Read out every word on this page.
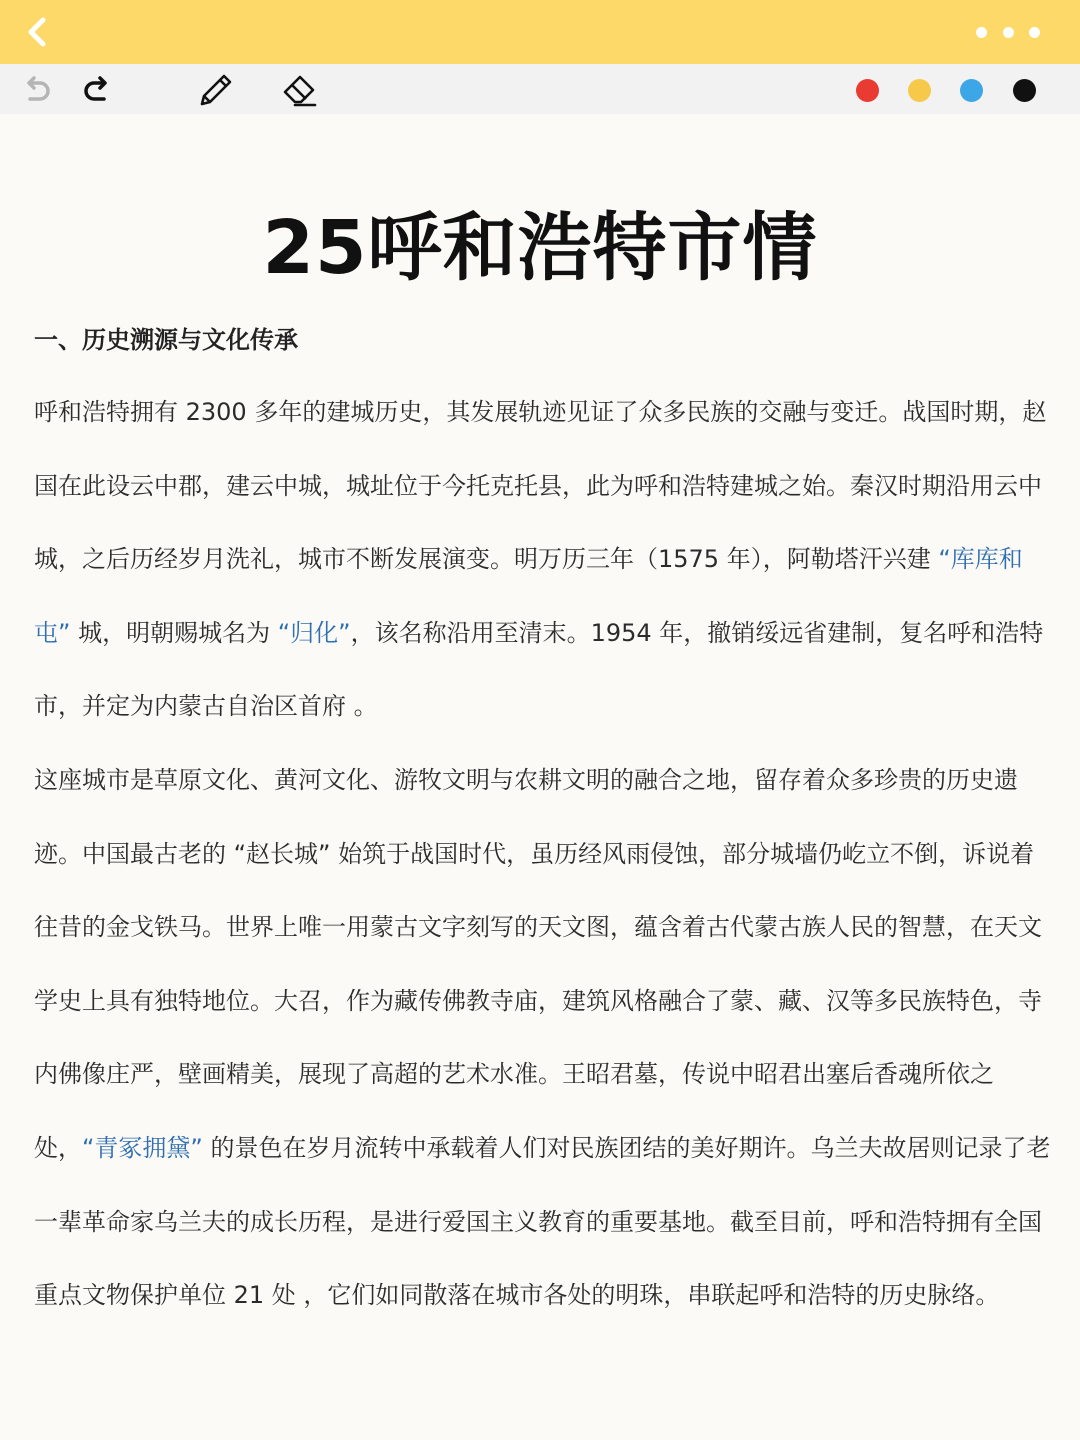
25呼和浩特市情
一、历史溯源与文化传承

呼和浩特拥有 2300 多年的建城历史，其发展轨迹见证了众多民族的交融与变迁。战国时期，赵国在此设云中郡，建云中城，城址位于今托克托县，此为呼和浩特建城之始。秦汉时期沿用云中城，之后历经岁月洗礼，城市不断发展演变。明万历三年（1575 年），阿勒塔汗兴建 “库库和屯” 城，明朝赐城名为 “归化”，该名称沿用至清末。1954 年，撤销绥远省建制，复名呼和浩特市，并定为内蒙古自治区首府 。

这座城市是草原文化、黄河文化、游牧文明与农耕文明的融合之地，留存着众多珍贵的历史遗迹。中国最古老的 “赵长城” 始筑于战国时代，虽历经风雨侵蚀，部分城墙仍屹立不倒，诉说着往昔的金戈铁马。世界上唯一用蒙古文字刻写的天文图，蕴含着古代蒙古族人民的智慧，在天文学史上具有独特地位。大召，作为藏传佛教寺庙，建筑风格融合了蒙、藏、汉等多民族特色，寺内佛像庄严，壁画精美，展现了高超的艺术水准。王昭君墓，传说中昭君出塞后香魂所依之处，“青冢拥黛” 的景色在岁月流转中承载着人们对民族团结的美好期许。乌兰夫故居则记录了老一辈革命家乌兰夫的成长历程，是进行爱国主义教育的重要基地。截至目前，呼和浩特拥有全国重点文物保护单位 21 处 ，它们如同散落在城市各处的明珠，串联起呼和浩特的历史脉络。
